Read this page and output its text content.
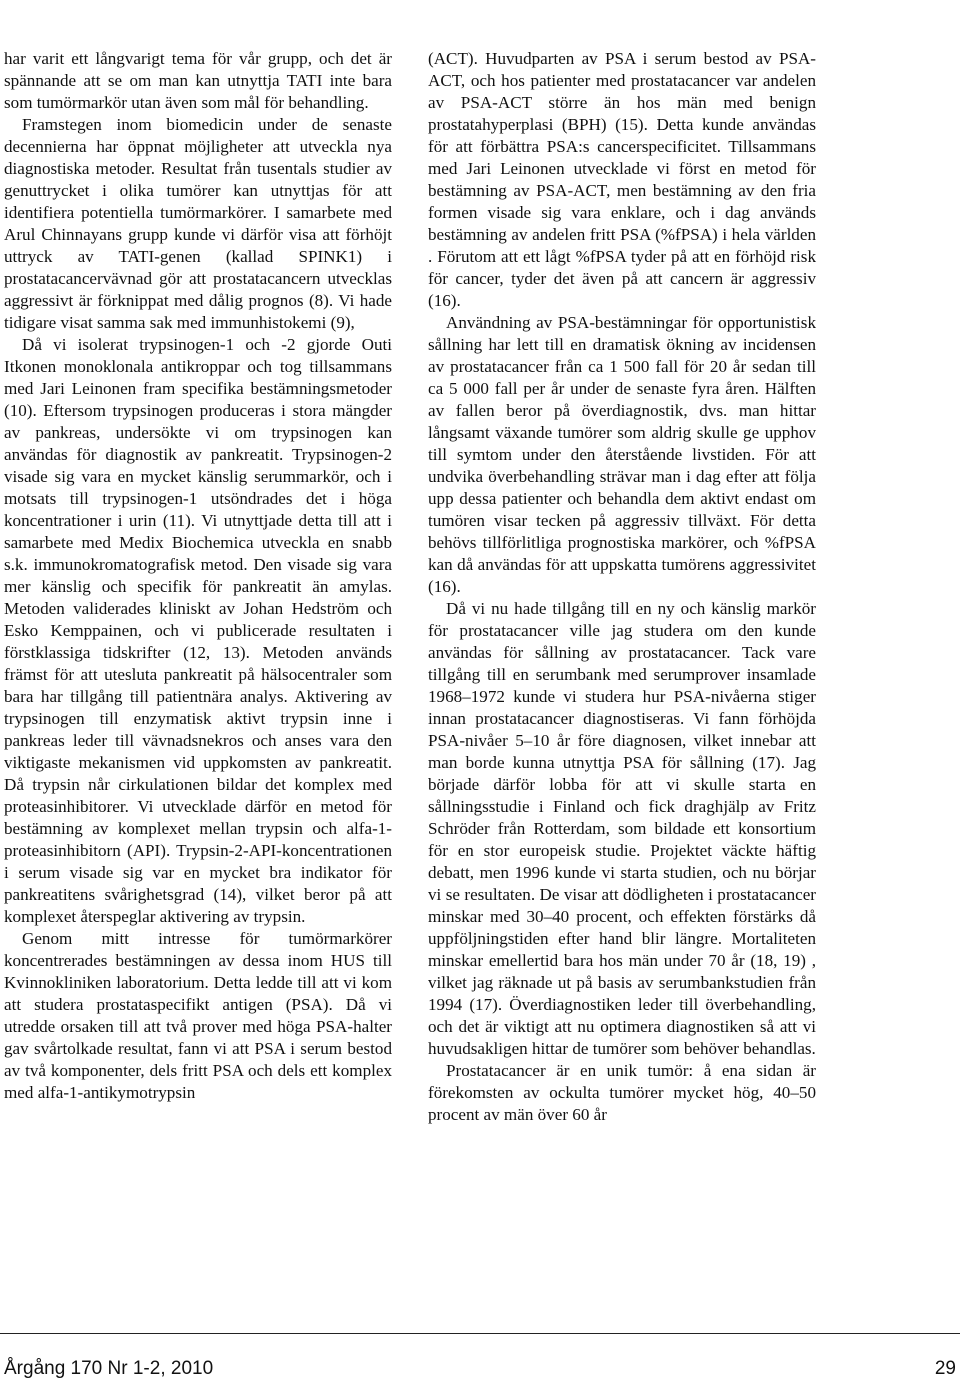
har varit ett långvarigt tema för vår grupp, och det är spännande att se om man kan utnyttja TATI inte bara som tumörmarkör utan även som mål för behandling.

Framstegen inom biomedicin under de senaste decennierna har öppnat möjligheter att utveckla nya diagnostiska metoder. Resultat från tusentals studier av genuttrycket i olika tumörer kan utnyttjas för att identifiera potentiella tumörmarkörer. I samarbete med Arul Chinnayans grupp kunde vi därför visa att förhöjt uttryck av TATI-genen (kallad SPINK1) i prostatacancervävnad gör att prostatacancern utvecklas aggressivt är förknippat med dålig prognos (8). Vi hade tidigare visat samma sak med immunhistokemi (9),

Då vi isolerat trypsinogen-1 och -2 gjorde Outi Itkonen monoklonala antikroppar och tog tillsammans med Jari Leinonen fram specifika bestämningsmetoder (10). Eftersom trypsinogen produceras i stora mängder av pankreas, undersökte vi om trypsinogen kan användas för diagnostik av pankreatit. Trypsinogen-2 visade sig vara en mycket känslig serummarkör, och i motsats till trypsinogen-1 utsöndrades det i höga koncentrationer i urin (11). Vi utnyttjade detta till att i samarbete med Medix Biochemica utveckla en snabb s.k. immunokromatografisk metod. Den visade sig vara mer känslig och specifik för pankreatit än amylas. Metoden validerades kliniskt av Johan Hedström och Esko Kemppainen, och vi publicerade resultaten i förstklassiga tidskrifter (12, 13). Metoden används främst för att utesluta pankreatit på hälsocentraler som bara har tillgång till patientnära analys. Aktivering av trypsinogen till enzymatisk aktivt trypsin inne i pankreas leder till vävnadsnekros och anses vara den viktigaste mekanismen vid uppkomsten av pankreatit. Då trypsin når cirkulationen bildar det komplex med proteasinhibitorer. Vi utvecklade därför en metod för bestämning av komplexet mellan trypsin och alfa-1-proteasinhibitorn (API). Trypsin-2-API-koncentrationen i serum visade sig var en mycket bra indikator för pankreatitens svårighetsgrad (14), vilket beror på att komplexet återspeglar aktivering av trypsin.

Genom mitt intresse för tumörmarkörer koncentrerades bestämningen av dessa inom HUS till Kvinnokliniken laboratorium. Detta ledde till att vi kom att studera prostataspecifikt antigen (PSA). Då vi utredde orsaken till att två prover med höga PSA-halter gav svårtolkade resultat, fann vi att PSA i serum bestod av två komponenter, dels fritt PSA och dels ett komplex med alfa-1-antikymotrypsin

(ACT). Huvudparten av PSA i serum bestod av PSA-ACT, och hos patienter med prostatacancer var andelen av PSA-ACT större än hos män med benign prostatahyperplasi (BPH) (15). Detta kunde användas för att förbättra PSA:s cancerspecificitet. Tillsammans med Jari Leinonen utvecklade vi först en metod för bestämning av PSA-ACT, men bestämning av den fria formen visade sig vara enklare, och i dag används bestämning av andelen fritt PSA (%fPSA) i hela världen . Förutom att ett lågt %fPSA tyder på att en förhöjd risk för cancer, tyder det även på att cancern är aggressiv (16).

Användning av PSA-bestämningar för opportunistisk sållning har lett till en dramatisk ökning av incidensen av prostatacancer från ca 1 500 fall för 20 år sedan till ca 5 000 fall per år under de senaste fyra åren. Hälften av fallen beror på överdiagnostik, dvs. man hittar långsamt växande tumörer som aldrig skulle ge upphov till symtom under den återstående livstiden. För att undvika överbehandling strävar man i dag efter att följa upp dessa patienter och behandla dem aktivt endast om tumören visar tecken på aggressiv tillväxt. För detta behövs tillförlitliga prognostiska markörer, och %fPSA kan då användas för att uppskatta tumörens aggressivitet (16).

Då vi nu hade tillgång till en ny och känslig markör för prostatacancer ville jag studera om den kunde användas för sållning av prostatacancer. Tack vare tillgång till en serumbank med serumprover insamlade 1968–1972 kunde vi studera hur PSA-nivåerna stiger innan prostatacancer diagnostiseras. Vi fann förhöjda PSA-nivåer 5–10 år före diagnosen, vilket innebar att man borde kunna utnyttja PSA för sållning (17). Jag började därför lobba för att vi skulle starta en sållningsstudie i Finland och fick draghjälp av Fritz Schröder från Rotterdam, som bildade ett konsortium för en stor europeisk studie. Projektet väckte häftig debatt, men 1996 kunde vi starta studien, och nu börjar vi se resultaten. De visar att dödligheten i prostatacancer minskar med 30–40 procent, och effekten förstärks då uppföljningstiden efter hand blir längre. Mortaliteten minskar emellertid bara hos män under 70 år (18, 19) , vilket jag räknade ut på basis av serumbankstudien från 1994 (17). Överdiagnostiken leder till överbehandling, och det är viktigt att nu optimera diagnostiken så att vi huvudsakligen hittar de tumörer som behöver behandlas.

Prostatacancer är en unik tumör: å ena sidan är förekomsten av ockulta tumörer mycket hög, 40–50 procent av män över 60 år

Årgång 170 Nr 1-2, 2010	29
